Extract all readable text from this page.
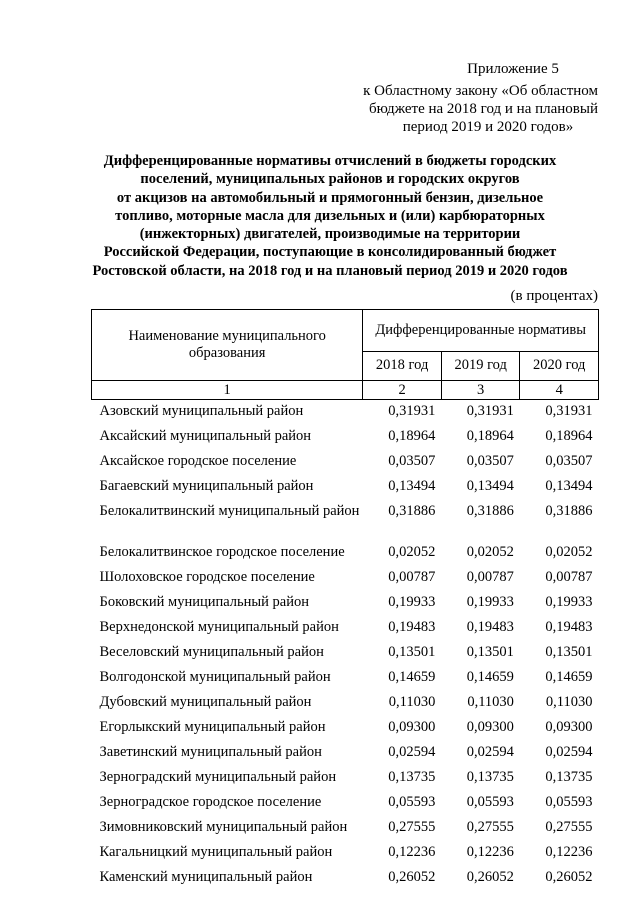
Приложение 5
к Областному закону «Об областном
бюджете на 2018 год и на плановый
период 2019 и 2020 годов»
Дифференцированные нормативы отчислений в бюджеты городских
поселений, муниципальных районов и городских округов
от акцизов на автомобильный и прямогонный бензин, дизельное
топливо, моторные масла для дизельных и (или) карбюраторных
(инжекторных) двигателей, производимые на территории
Российской Федерации, поступающие в консолидированный бюджет
Ростовской области, на 2018 год и на плановый период 2019 и 2020 годов
(в процентах)
Наименование муниципального образования	Дифференцированные нормативы		
	2018 год	2019 год	2020 год
1	2	3	4
Азовский муниципальный район	0,31931	0,31931	0,31931
Аксайский муниципальный район	0,18964	0,18964	0,18964
Аксайское городское поселение	0,03507	0,03507	0,03507
Багаевский муниципальный район	0,13494	0,13494	0,13494
Белокалитвинский муниципальный район	0,31886	0,31886	0,31886
Белокалитвинское городское поселение	0,02052	0,02052	0,02052
Шолоховское городское поселение	0,00787	0,00787	0,00787
Боковский муниципальный район	0,19933	0,19933	0,19933
Верхнедонской муниципальный район	0,19483	0,19483	0,19483
Веселовский муниципальный район	0,13501	0,13501	0,13501
Волгодонской муниципальный район	0,14659	0,14659	0,14659
Дубовский муниципальный район	0,11030	0,11030	0,11030
Егорлыкский муниципальный район	0,09300	0,09300	0,09300
Заветинский муниципальный район	0,02594	0,02594	0,02594
Зерноградский муниципальный район	0,13735	0,13735	0,13735
Зерноградское городское поселение	0,05593	0,05593	0,05593
Зимовниковский муниципальный район	0,27555	0,27555	0,27555
Кагальницкий муниципальный район	0,12236	0,12236	0,12236
Каменский муниципальный район	0,26052	0,26052	0,26052
